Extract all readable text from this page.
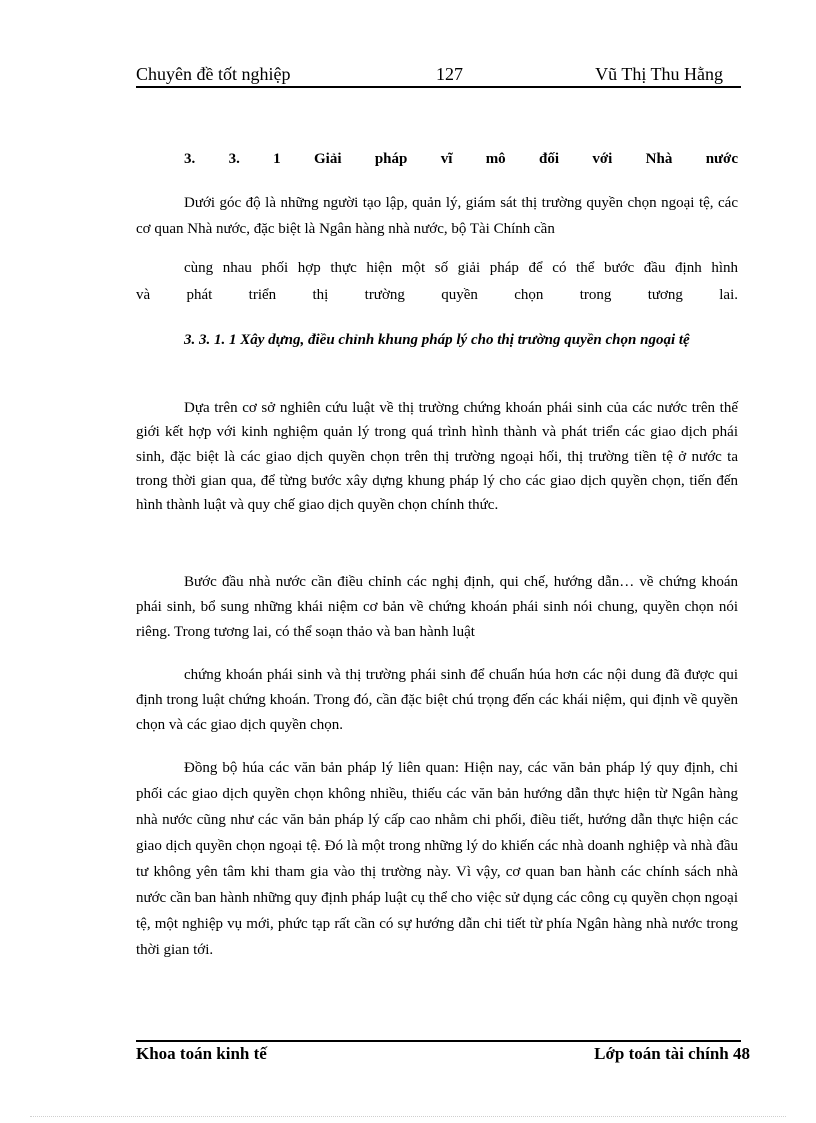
Chuyên đề tốt nghiệp	127	Vũ Thị Thu Hằng
3. 3. 1 Giải pháp vĩ mô đối với Nhà nước

Dưới góc độ là những người tạo lập, quản lý, giám sát thị trường quyền chọn ngoại tệ, các cơ quan Nhà nước, đặc biệt là Ngân hàng nhà nước, bộ Tài Chính cần

cùng nhau phối hợp thực hiện một số giải pháp để có thể bước đầu định hình

và phát triển thị trường quyền chọn trong tương lai.

3. 3. 1. 1 Xây dựng, điều chỉnh khung pháp lý cho thị trường quyền chọn ngoại tệ

Dựa trên cơ sở nghiên cứu luật về thị trường chứng khoán phái sinh của các nước trên thế giới kết hợp với kinh nghiệm quản lý trong quá trình hình thành và phát triển các giao dịch phái sinh, đặc biệt là các giao dịch quyền chọn trên thị trường ngoại hối, thị trường tiền tệ ở nước ta trong thời gian qua, để từng bước xây dựng khung pháp lý cho các giao dịch quyền chọn, tiến đến hình thành luật và quy chế giao dịch quyền chọn chính thức.

Bước đầu nhà nước cần điều chỉnh các nghị định, qui chế, hướng dẫn… về chứng khoán phái sinh, bổ sung những khái niệm cơ bản về chứng khoán phái sinh nói chung, quyền chọn nói riêng. Trong tương lai, có thể soạn thảo và ban hành luật

chứng khoán phái sinh và thị trường phái sinh để chuẩn húa hơn các nội dung đã được qui định trong luật chứng khoán. Trong đó, cần đặc biệt chú trọng đến các khái niệm, qui định về quyền chọn và các giao dịch quyền chọn.

Đồng bộ húa các văn bản pháp lý liên quan: Hiện nay, các văn bản pháp lý quy định, chi phối các giao dịch quyền chọn không nhiều, thiếu các văn bản hướng dẫn thực hiện từ Ngân hàng nhà nước cũng như các văn bản pháp lý cấp cao nhằm chi phối, điều tiết, hướng dẫn thực hiện các giao dịch quyền chọn ngoại tệ. Đó là một trong những lý do khiến các nhà doanh nghiệp và nhà đầu tư không yên tâm khi tham gia vào thị trường này. Vì vậy, cơ quan ban hành các chính sách nhà nước cần ban hành những quy định pháp luật cụ thể cho việc sử dụng các công cụ quyền chọn ngoại tệ, một nghiệp vụ mới, phức tạp rất cần có sự hướng dẫn chi tiết từ phía Ngân hàng nhà nước trong thời gian tới.

Khoa toán kinh tế	Lớp toán tài chính 48
